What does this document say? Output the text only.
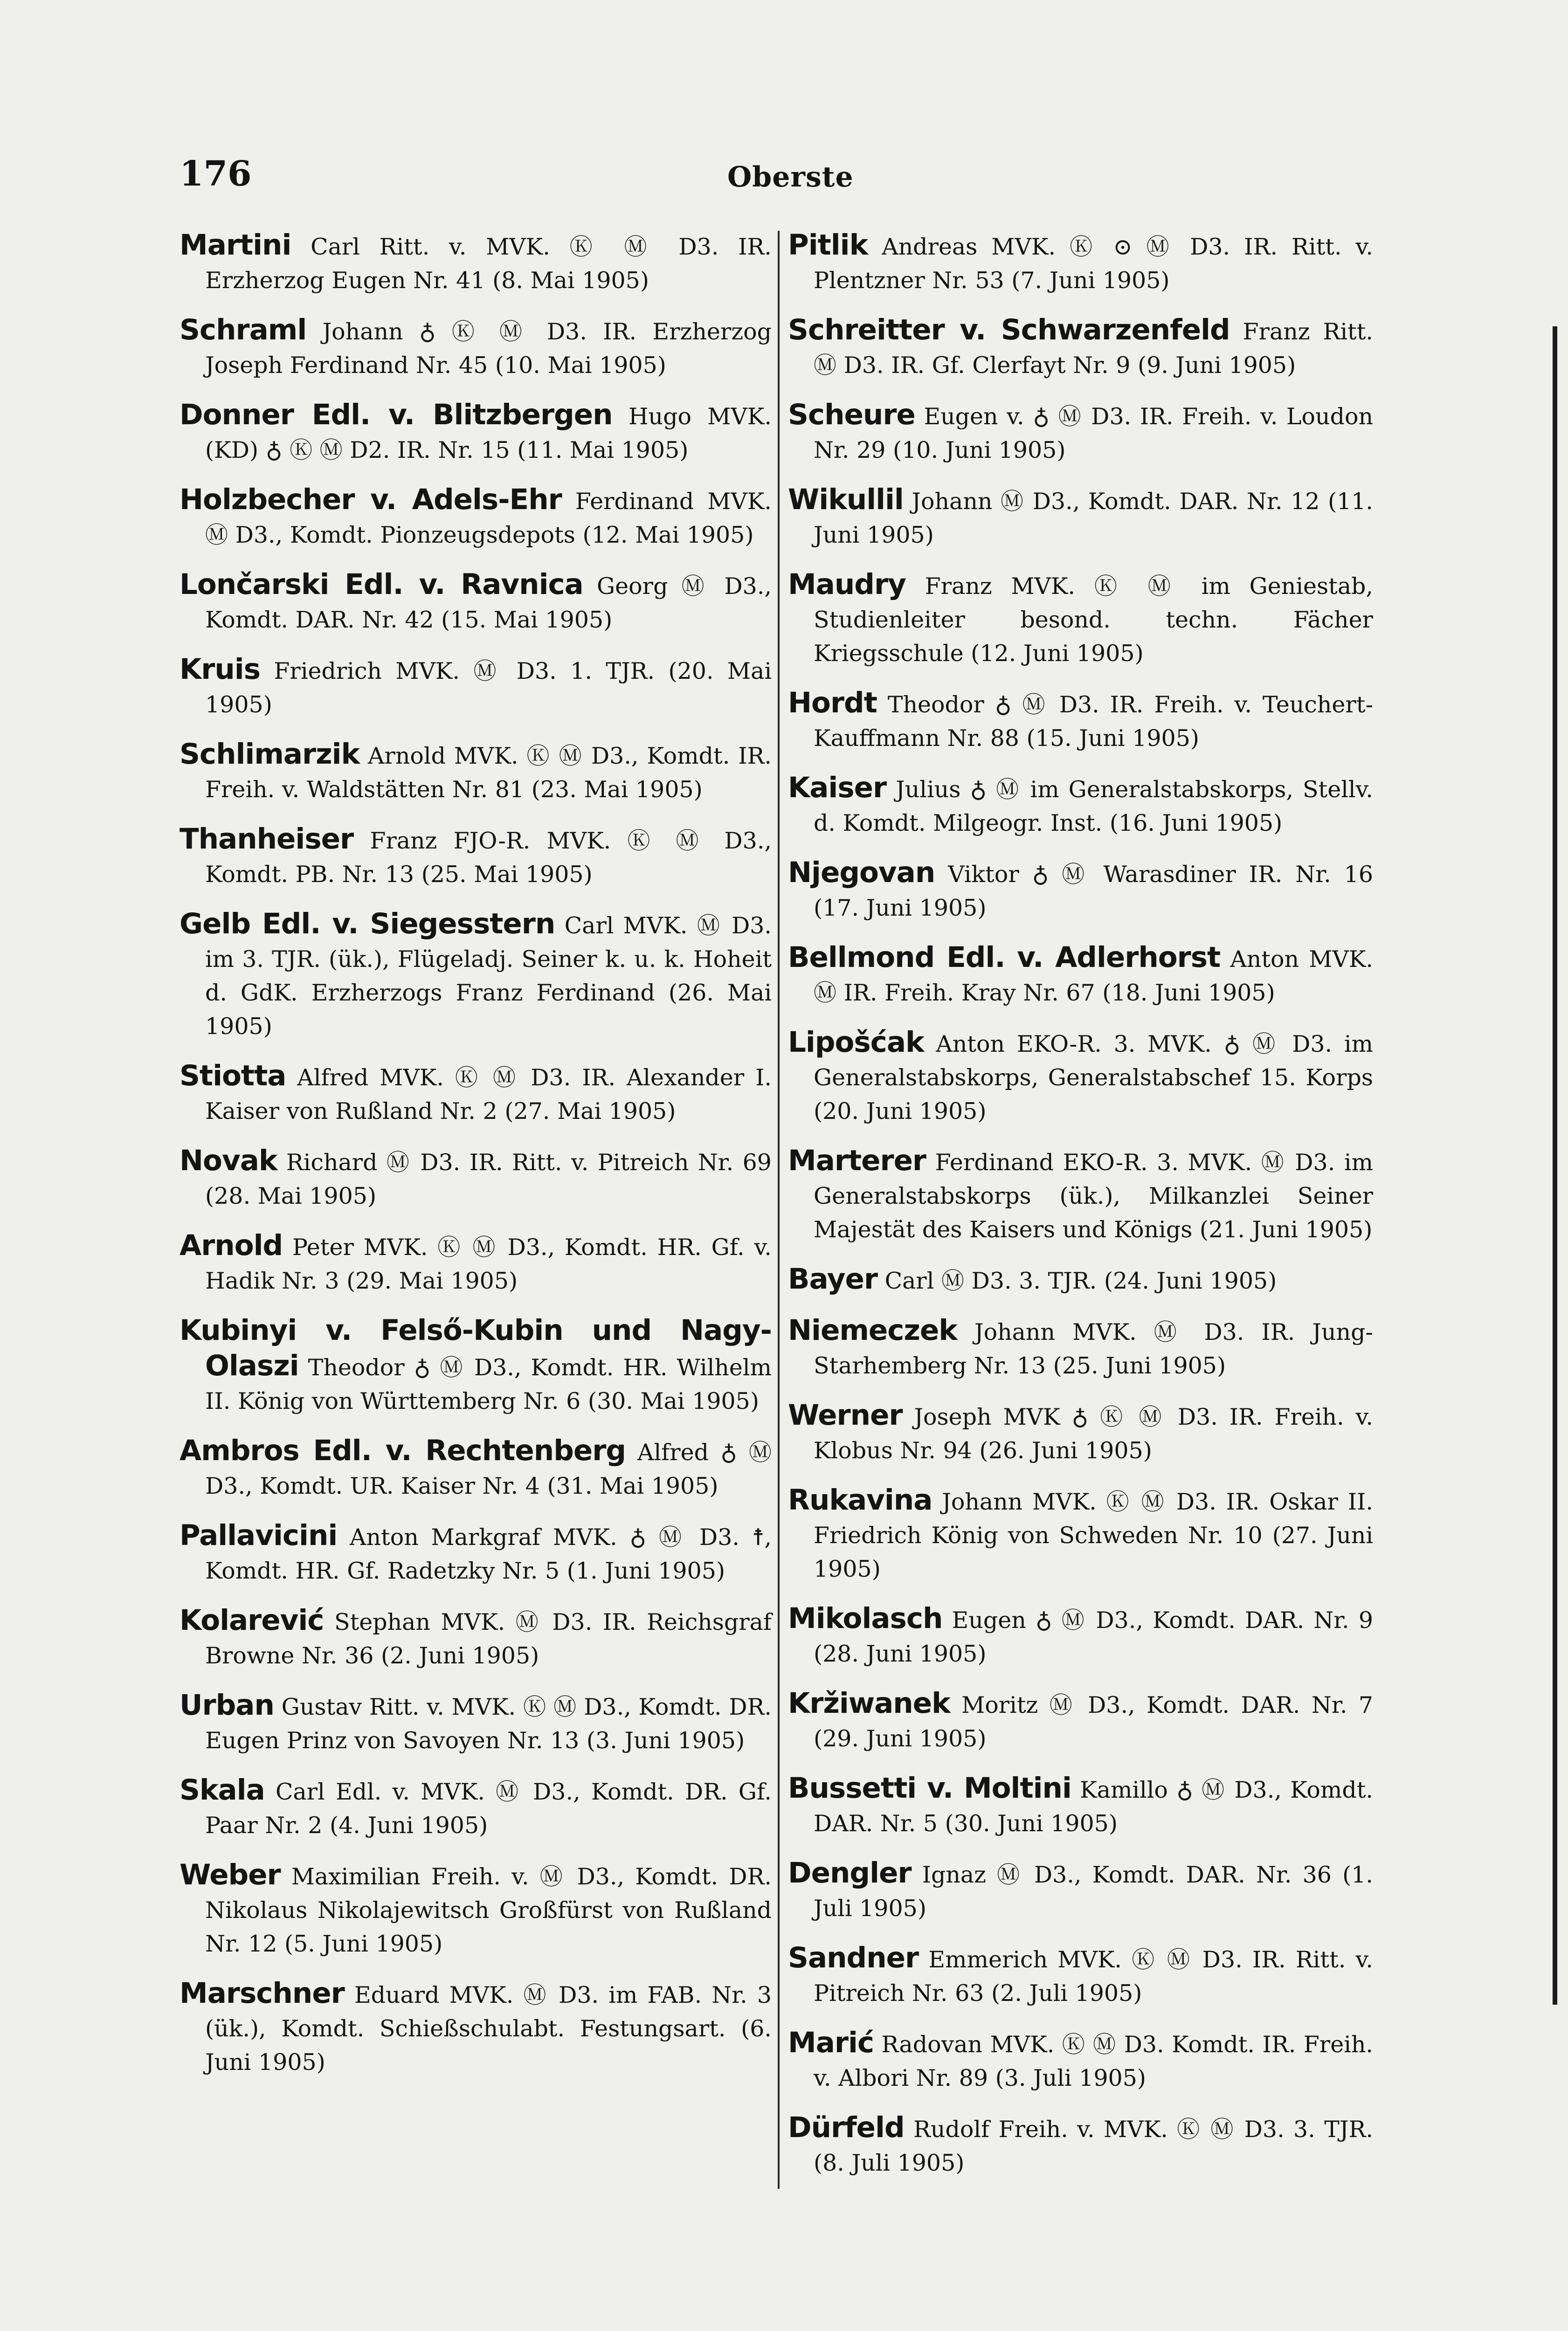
176	Oberste
Martini Carl Ritt. v. MVK. Ⓚ Ⓜ D3. IR. Erzherzog Eugen Nr. 41 (8. Mai 1905)
Schraml Johann ♁ Ⓚ Ⓜ D3. IR. Erzherzog Joseph Ferdinand Nr. 45 (10. Mai 1905)
Donner Edl. v. Blitzbergen Hugo MVK. (KD) ♁ Ⓚ Ⓜ D2. IR. Nr. 15 (11. Mai 1905)
Holzbecher v. Adels-Ehr Ferdinand MVK. Ⓜ D3., Komdt. Pionzeugsdepots (12. Mai 1905)
Lončarski Edl. v. Ravnica Georg Ⓜ D3., Komdt. DAR. Nr. 42 (15. Mai 1905)
Kruis Friedrich MVK. Ⓜ D3. 1. TJR. (20. Mai 1905)
Schlimarzik Arnold MVK. Ⓚ Ⓜ D3., Komdt. IR. Freih. v. Waldstätten Nr. 81 (23. Mai 1905)
Thanheiser Franz FJO-R. MVK. Ⓚ Ⓜ D3., Komdt. PB. Nr. 13 (25. Mai 1905)
Gelb Edl. v. Siegesstern Carl MVK. Ⓜ D3. im 3. TJR. (ük.), Flügeladj. Seiner k. u. k. Hoheit d. GdK. Erzherzogs Franz Ferdinand (26. Mai 1905)
Stiotta Alfred MVK. Ⓚ Ⓜ D3. IR. Alexander I. Kaiser von Rußland Nr. 2 (27. Mai 1905)
Novak Richard Ⓜ D3. IR. Ritt. v. Pitreich Nr. 69 (28. Mai 1905)
Arnold Peter MVK. Ⓚ Ⓜ D3., Komdt. HR. Gf. v. Hadik Nr. 3 (29. Mai 1905)
Kubinyi v. Felső-Kubin und Nagy-Olaszi Theodor ♁ Ⓜ D3., Komdt. HR. Wilhelm II. König von Württemberg Nr. 6 (30. Mai 1905)
Ambros Edl. v. Rechtenberg Alfred ♁ Ⓜ D3., Komdt. UR. Kaiser Nr. 4 (31. Mai 1905)
Pallavicini Anton Markgraf MVK. ♁ Ⓜ D3. ☨, Komdt. HR. Gf. Radetzky Nr. 5 (1. Juni 1905)
Kolarević Stephan MVK. Ⓜ D3. IR. Reichsgraf Browne Nr. 36 (2. Juni 1905)
Urban Gustav Ritt. v. MVK. Ⓚ Ⓜ D3., Komdt. DR. Eugen Prinz von Savoyen Nr. 13 (3. Juni 1905)
Skala Carl Edl. v. MVK. Ⓜ D3., Komdt. DR. Gf. Paar Nr. 2 (4. Juni 1905)
Weber Maximilian Freih. v. Ⓜ D3., Komdt. DR. Nikolaus Nikolajewitsch Großfürst von Rußland Nr. 12 (5. Juni 1905)
Marschner Eduard MVK. Ⓜ D3. im FAB. Nr. 3 (ük.), Komdt. Schießschulabt. Festungsart. (6. Juni 1905)
Pitlik Andreas MVK. Ⓚ ⊙ Ⓜ D3. IR. Ritt. v. Plentzner Nr. 53 (7. Juni 1905)
Schreitter v. Schwarzenfeld Franz Ritt. Ⓜ D3. IR. Gf. Clerfayt Nr. 9 (9. Juni 1905)
Scheure Eugen v. ♁ Ⓜ D3. IR. Freih. v. Loudon Nr. 29 (10. Juni 1905)
Wikullil Johann Ⓜ D3., Komdt. DAR. Nr. 12 (11. Juni 1905)
Maudry Franz MVK. Ⓚ Ⓜ im Geniestab, Studienleiter besond. techn. Fächer Kriegsschule (12. Juni 1905)
Hordt Theodor ♁ Ⓜ D3. IR. Freih. v. Teuchert-Kauffmann Nr. 88 (15. Juni 1905)
Kaiser Julius ♁ Ⓜ im Generalstabskorps, Stellv. d. Komdt. Milgeogr. Inst. (16. Juni 1905)
Njegovan Viktor ♁ Ⓜ Warasdiner IR. Nr. 16 (17. Juni 1905)
Bellmond Edl. v. Adlerhorst Anton MVK. Ⓜ IR. Freih. Kray Nr. 67 (18. Juni 1905)
Lipošćak Anton EKO-R. 3. MVK. ♁ Ⓜ D3. im Generalstabskorps, Generalstabschef 15. Korps (20. Juni 1905)
Marterer Ferdinand EKO-R. 3. MVK. Ⓜ D3. im Generalstabskorps (ük.), Milkanzlei Seiner Majestät des Kaisers und Königs (21. Juni 1905)
Bayer Carl Ⓜ D3. 3. TJR. (24. Juni 1905)
Niemeczek Johann MVK. Ⓜ D3. IR. Jung-Starhemberg Nr. 13 (25. Juni 1905)
Werner Joseph MVK ♁ Ⓚ Ⓜ D3. IR. Freih. v. Klobus Nr. 94 (26. Juni 1905)
Rukavina Johann MVK. Ⓚ Ⓜ D3. IR. Oskar II. Friedrich König von Schweden Nr. 10 (27. Juni 1905)
Mikolasch Eugen ♁ Ⓜ D3., Komdt. DAR. Nr. 9 (28. Juni 1905)
Kržiwanek Moritz Ⓜ D3., Komdt. DAR. Nr. 7 (29. Juni 1905)
Bussetti v. Moltini Kamillo ♁ Ⓜ D3., Komdt. DAR. Nr. 5 (30. Juni 1905)
Dengler Ignaz Ⓜ D3., Komdt. DAR. Nr. 36 (1. Juli 1905)
Sandner Emmerich MVK. Ⓚ Ⓜ D3. IR. Ritt. v. Pitreich Nr. 63 (2. Juli 1905)
Marić Radovan MVK. Ⓚ Ⓜ D3. Komdt. IR. Freih. v. Albori Nr. 89 (3. Juli 1905)
Dürfeld Rudolf Freih. v. MVK. Ⓚ Ⓜ D3. 3. TJR. (8. Juli 1905)
